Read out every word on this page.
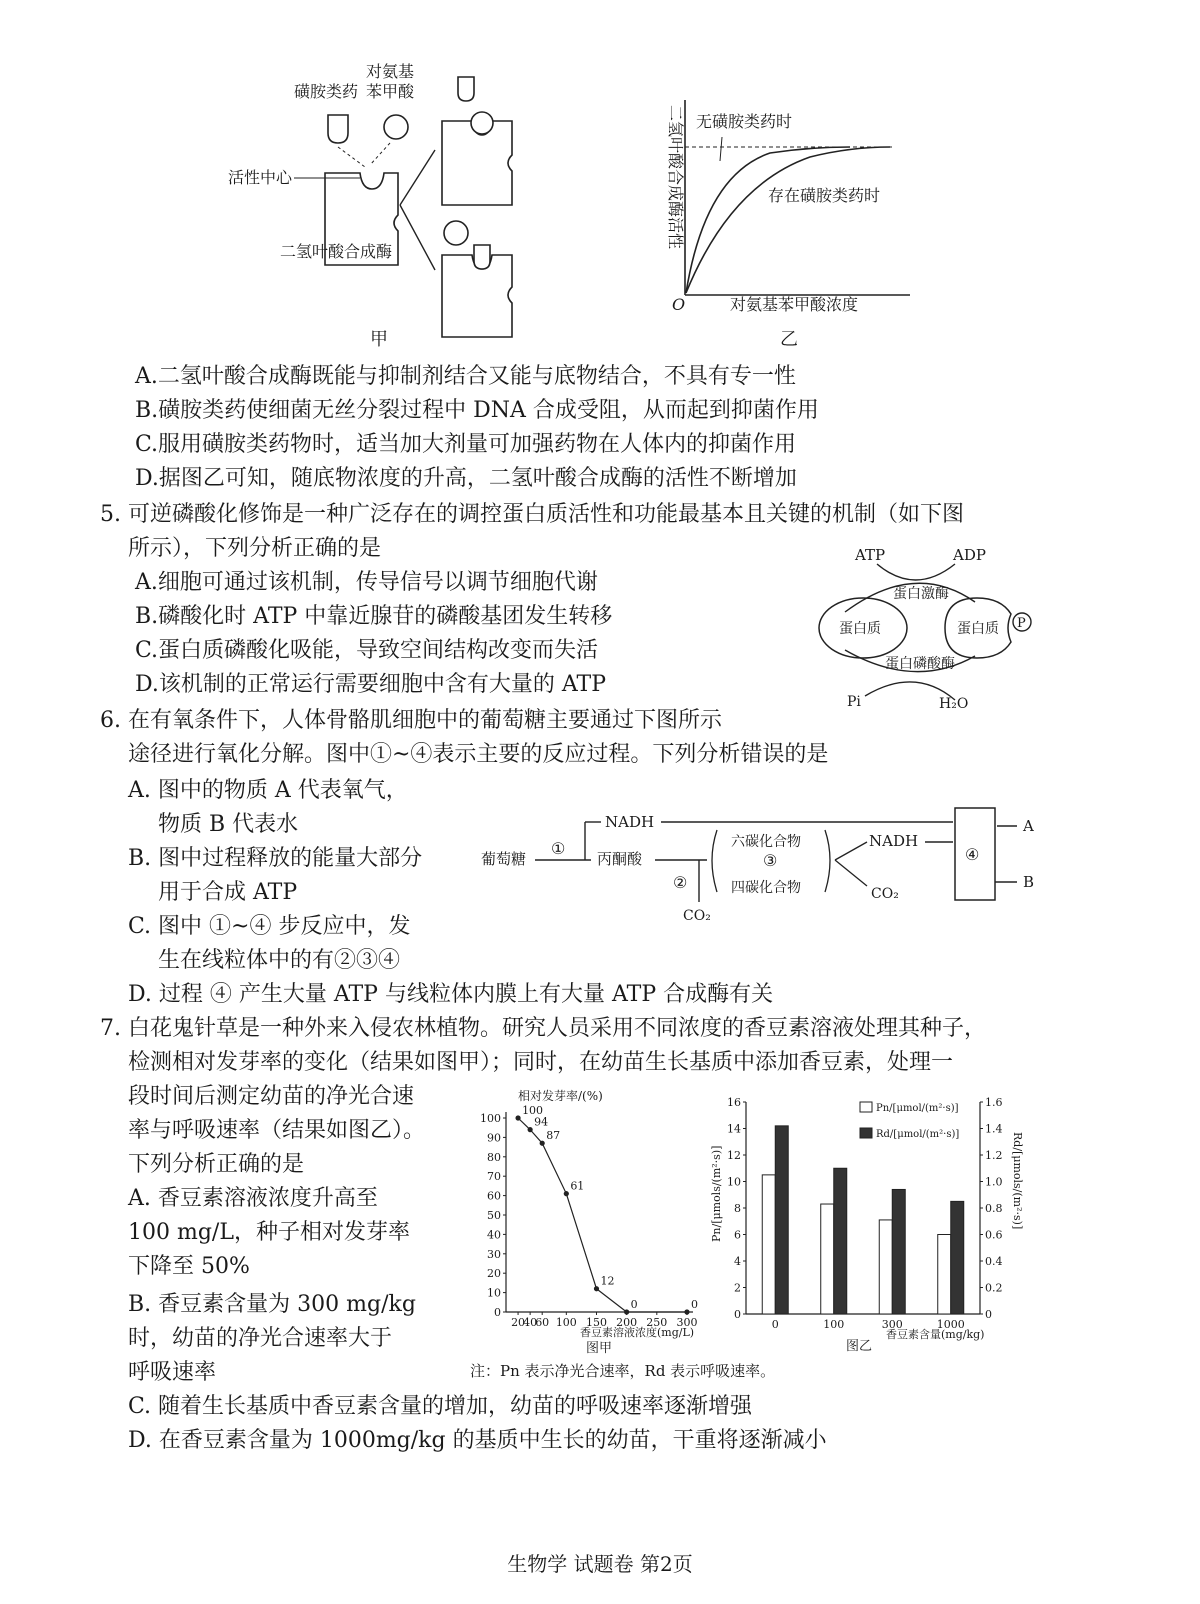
对氨基
苯甲酸
磺胺类药
活性中心
二氢叶酸合成酶
甲
无磺胺类药时
存在磺胺类药时
O	对氨基苯甲酸浓度
二氢叶酸合成酶活性
乙
A.二氢叶酸合成酶既能与抑制剂结合又能与底物结合，不具有专一性
B.磺胺类药使细菌无丝分裂过程中 DNA 合成受阻，从而起到抑菌作用
C.服用磺胺类药物时，适当加大剂量可加强药物在人体内的抑菌作用
D.据图乙可知，随底物浓度的升高，二氢叶酸合成酶的活性不断增加
5. 可逆磷酸化修饰是一种广泛存在的调控蛋白质活性和功能最基本且关键的机制（如下图
所示），下列分析正确的是
A.细胞可通过该机制，传导信号以调节细胞代谢
B.磷酸化时 ATP 中靠近腺苷的磷酸基团发生转移
C.蛋白质磷酸化吸能，导致空间结构改变而失活
D.该机制的正常运行需要细胞中含有大量的 ATP
ATP	ADP
蛋白激酶
蛋白质	蛋白质 P
蛋白磷酸酶
Pi	H₂O
6. 在有氧条件下，人体骨骼肌细胞中的葡萄糖主要通过下图所示
途径进行氧化分解。图中①~④表示主要的反应过程。下列分析错误的是
A. 图中的物质 A 代表氧气，
物质 B 代表水
B. 图中过程释放的能量大部分
用于合成 ATP
C. 图中 ①~④ 步反应中，发
生在线粒体中的有②③④
D. 过程 ④ 产生大量 ATP 与线粒体内膜上有大量 ATP 合成酶有关
葡萄糖
①
NADH
丙酮酸
②
CO₂
六碳化合物
③
四碳化合物
NADH
CO₂
④
A
B
7. 白花鬼针草是一种外来入侵农林植物。研究人员采用不同浓度的香豆素溶液处理其种子，
检测相对发芽率的变化（结果如图甲）；同时，在幼苗生长基质中添加香豆素，处理一
段时间后测定幼苗的净光合速
率与呼吸速率（结果如图乙）。
下列分析正确的是
A. 香豆素溶液浓度升高至
100 mg/L，种子相对发芽率
下降至 50%
B. 香豆素含量为 300 mg/kg
时，幼苗的净光合速率大于
呼吸速率
C. 随着生长基质中香豆素含量的增加，幼苗的呼吸速率逐渐增强
D. 在香豆素含量为 1000mg/kg 的基质中生长的幼苗，干重将逐渐减小
0
10
20
30
40
50
60
70
80
90
100
20
40
60 100 150 200 250 300
100
94
87
61
12
0	0
相对发芽率/(%)
香豆素溶液浓度(mg/L)
图甲
0
2
4
6
8
10
12
14
16
0
0.2
0.4
0.6
0.8
1.0
1.2
1.4
1.6
0	100	300	1000
Pn/[μmol/(m²·s)]
Rd/[μmol/(m²·s)]
Pn/[μmols/(m²·s)]	Rd/[μmols/(m²·s)]
香豆素含量(mg/kg)
图乙
注：Pn 表示净光合速率，Rd 表示呼吸速率。
生物学 试题卷 第2页
